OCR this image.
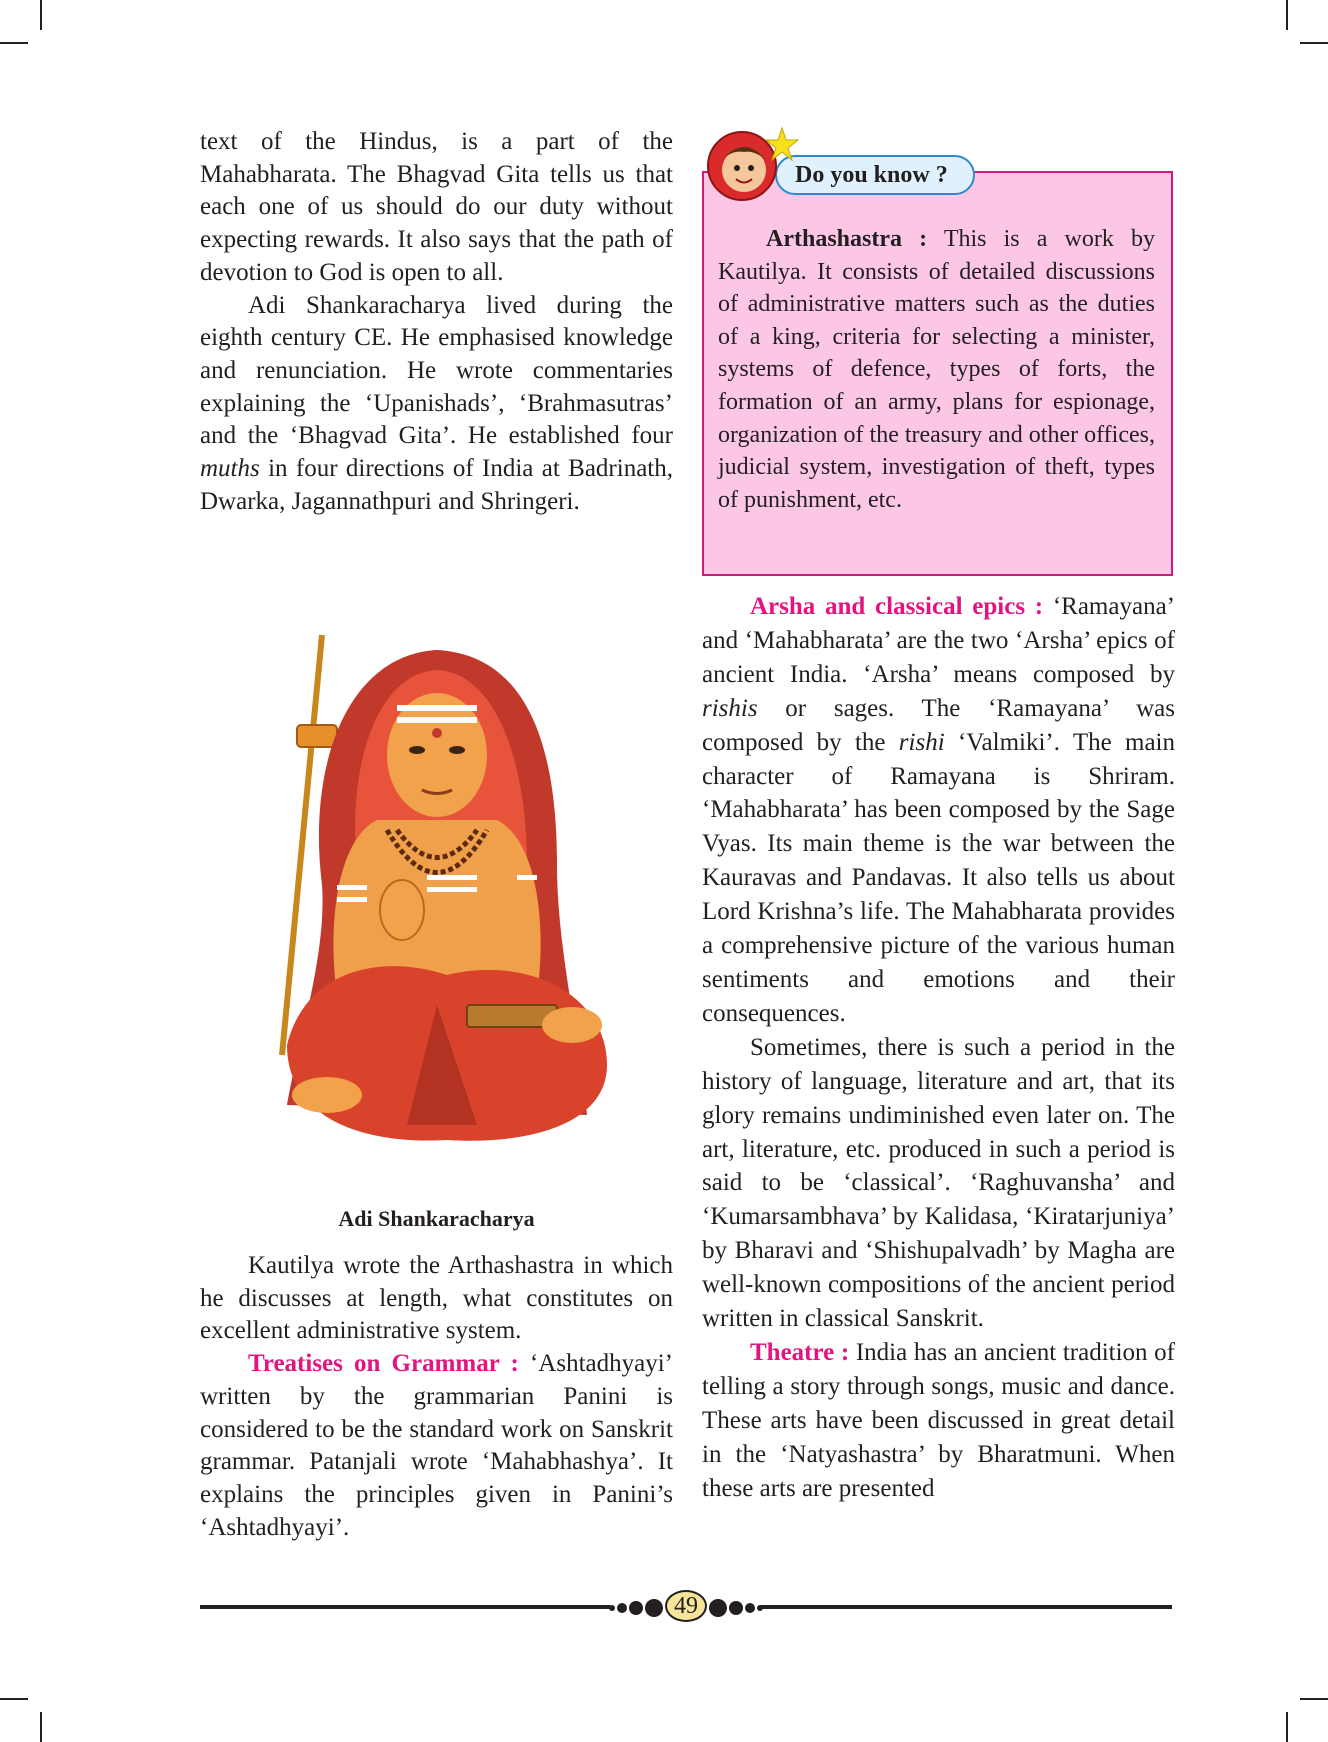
text of the Hindus, is a part of the Mahabharata. The Bhagvad Gita tells us that each one of us should do our duty without expecting rewards. It also says that the path of devotion to God is open to all.

Adi Shankaracharya lived during the eighth century CE. He emphasised knowledge and renunciation. He wrote commentaries explaining the ‘Upanishads’, ‘Brahmasutras’ and the ‘Bhagvad Gita’. He established four muths in four directions of India at Badrinath, Dwarka, Jagannathpuri and Shringeri.

Adi Shankaracharya

Kautilya wrote the Arthashastra in which he discusses at length, what constitutes on excellent administrative system.

Treatises on Grammar : ‘Ashtadhyayi’ written by the grammarian Panini is considered to be the standard work on Sanskrit grammar. Patanjali wrote ‘Mahabhashya’. It explains the principles given in Panini’s ‘Ashtadhyayi’.

Arthashastra : This is a work by Kautilya. It consists of detailed discussions of administrative matters such as the duties of a king, criteria for selecting a minister, systems of defence, types of forts, the formation of an army, plans for espionage, organization of the treasury and other offices, judicial system, investigation of theft, types of punishment, etc.

Do you know ?

Arsha and classical epics : ‘Ramayana’ and ‘Mahabharata’ are the two ‘Arsha’ epics of ancient India. ‘Arsha’ means composed by rishis or sages. The ‘Ramayana’ was composed by the rishi ‘Valmiki’. The main character of Ramayana is Shriram. ‘Mahabharata’ has been composed by the Sage Vyas. Its main theme is the war between the Kauravas and Pandavas. It also tells us about Lord Krishna’s life. The Mahabharata provides a comprehensive picture of the various human sentiments and emotions and their consequences.

Sometimes, there is such a period in the history of language, literature and art, that its glory remains undiminished even later on. The art, literature, etc. produced in such a period is said to be ‘classical’. ‘Raghuvansha’ and ‘Kumarsambhava’ by Kalidasa, ‘Kiratarjuniya’ by Bharavi and ‘Shishupalvadh’ by Magha are well-known compositions of the ancient period written in classical Sanskrit.

Theatre : India has an ancient tradition of telling a story through songs, music and dance. These arts have been discussed in great detail in the ‘Natyashastra’ by Bharatmuni. When these arts are presented

49
